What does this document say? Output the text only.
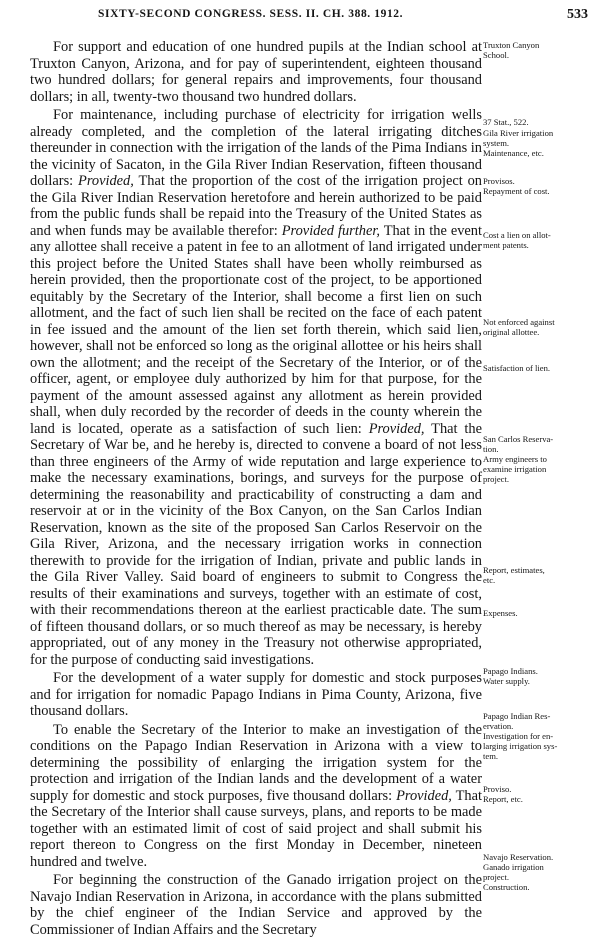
SIXTY-SECOND CONGRESS. SESS. II. CH. 388. 1912.	533

For support and education of one hundred pupils at the Indian school at Truxton Canyon, Arizona, and for pay of superintendent, eighteen thousand two hundred dollars; for general repairs and improvements, four thousand dollars; in all, twenty-two thousand two hundred dollars.

For maintenance, including purchase of electricity for irrigation wells already completed, and the completion of the lateral irrigating ditches thereunder in connection with the irrigation of the lands of the Pima Indians in the vicinity of Sacaton, in the Gila River Indian Reservation, fifteen thousand dollars: Provided, That the proportion of the cost of the irrigation project on the Gila River Indian Reservation heretofore and herein authorized to be paid from the public funds shall be repaid into the Treasury of the United States as and when funds may be available therefor: Provided further, That in the event any allottee shall receive a patent in fee to an allotment of land irrigated under this project before the United States shall have been wholly reimbursed as herein provided, then the proportionate cost of the project, to be apportioned equitably by the Secretary of the Interior, shall become a first lien on such allotment, and the fact of such lien shall be recited on the face of each patent in fee issued and the amount of the lien set forth therein, which said lien, however, shall not be enforced so long as the original allottee or his heirs shall own the allotment; and the receipt of the Secretary of the Interior, or of the officer, agent, or employee duly authorized by him for that purpose, for the payment of the amount assessed against any allotment as herein provided shall, when duly recorded by the recorder of deeds in the county wherein the land is located, operate as a satisfaction of such lien: Provided, That the Secretary of War be, and he hereby is, directed to convene a board of not less than three engineers of the Army of wide reputation and large experience to make the necessary examinations, borings, and surveys for the purpose of determining the reasonability and practicability of constructing a dam and reservoir at or in the vicinity of the Box Canyon, on the San Carlos Indian Reservation, known as the site of the proposed San Carlos Reservoir on the Gila River, Arizona, and the necessary irrigation works in connection therewith to provide for the irrigation of Indian, private and public lands in the Gila River Valley. Said board of engineers to submit to Congress the results of their examinations and surveys, together with an estimate of cost, with their recommendations thereon at the earliest practicable date. The sum of fifteen thousand dollars, or so much thereof as may be necessary, is hereby appropriated, out of any money in the Treasury not otherwise appropriated, for the purpose of conducting said investigations.

For the development of a water supply for domestic and stock purposes and for irrigation for nomadic Papago Indians in Pima County, Arizona, five thousand dollars.

To enable the Secretary of the Interior to make an investigation of the conditions on the Papago Indian Reservation in Arizona with a view to determining the possibility of enlarging the irrigation system for the protection and irrigation of the Indian lands and the development of a water supply for domestic and stock purposes, five thousand dollars: Provided, That the Secretary of the Interior shall cause surveys, plans, and reports to be made together with an estimated limit of cost of said project and shall submit his report thereon to Congress on the first Monday in December, nineteen hundred and twelve.

For beginning the construction of the Ganado irrigation project on the Navajo Indian Reservation in Arizona, in accordance with the plans submitted by the chief engineer of the Indian Service and approved by the Commissioner of Indian Affairs and the Secretary

Truxton Canyon
School.
37 Stat., 522.
Gila River irrigation
system.
Maintenance, etc.
Provisos.
Repayment of cost.
Cost a lien on allot-
ment patents.
Not enforced against
original allottee.
Satisfaction of lien.
San Carlos Reserva-
tion.
Army engineers to
examine irrigation
project.
Report, estimates,
etc.
Expenses.
Papago Indians.
Water supply.
Papago Indian Res-
ervation.
Investigation for en-
larging irrigation sys-
tem.
Proviso.
Report, etc.
Navajo Reservation.
Ganado irrigation
project.
Construction.
